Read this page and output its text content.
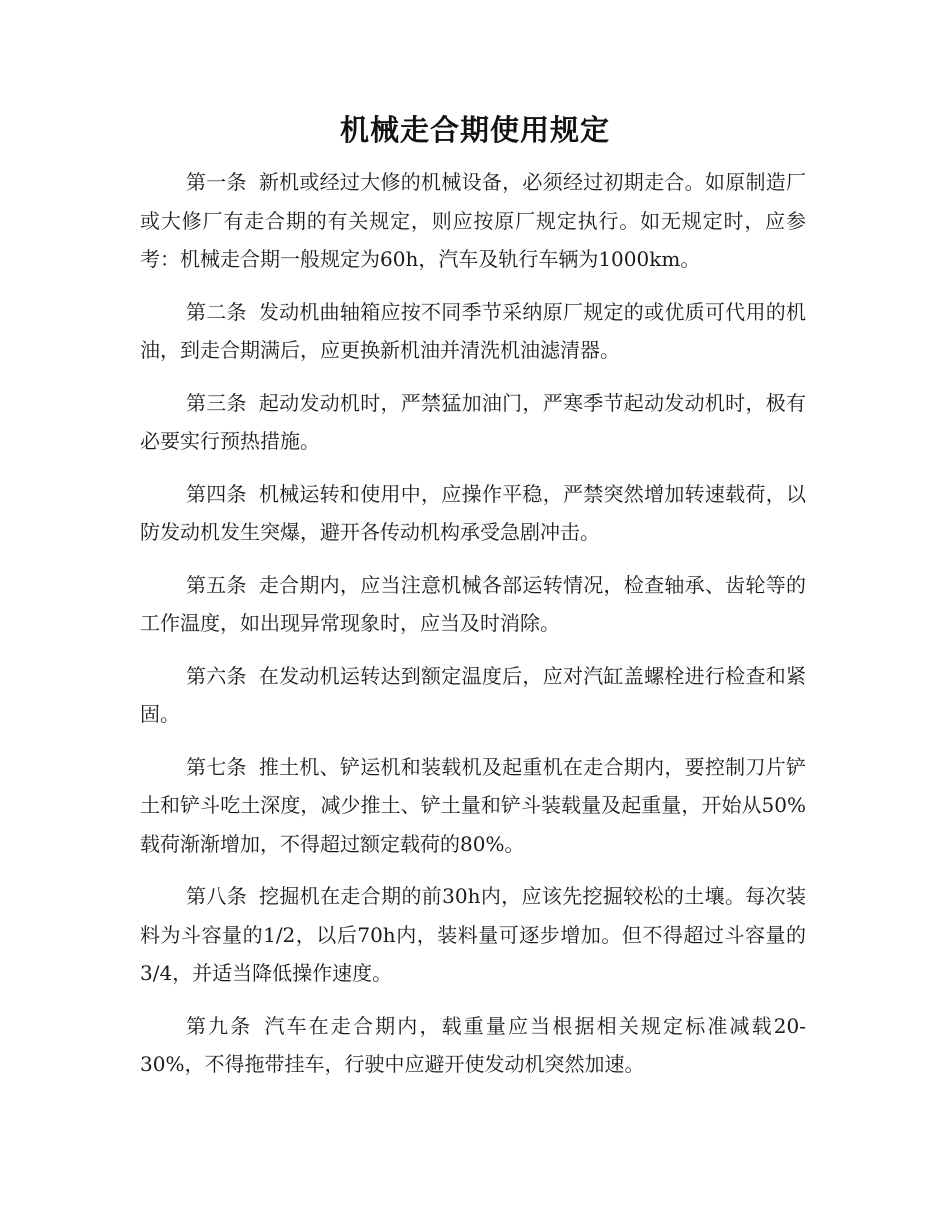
机械走合期使用规定

第一条 新机或经过大修的机械设备，必须经过初期走合。如原制造厂或大修厂有走合期的有关规定，则应按原厂规定执行。如无规定时，应参考：机械走合期一般规定为60h，汽车及轨行车辆为1000km。

第二条 发动机曲轴箱应按不同季节采纳原厂规定的或优质可代用的机油，到走合期满后，应更换新机油并清洗机油滤清器。

第三条 起动发动机时，严禁猛加油门，严寒季节起动发动机时，极有必要实行预热措施。

第四条 机械运转和使用中，应操作平稳，严禁突然增加转速载荷，以防发动机发生突爆，避开各传动机构承受急剧冲击。

第五条 走合期内，应当注意机械各部运转情况，检查轴承、齿轮等的工作温度，如出现异常现象时，应当及时消除。

第六条 在发动机运转达到额定温度后，应对汽缸盖螺栓进行检查和紧固。

第七条 推土机、铲运机和装载机及起重机在走合期内，要控制刀片铲土和铲斗吃土深度，减少推土、铲土量和铲斗装载量及起重量，开始从50%载荷渐渐增加，不得超过额定载荷的80%。

第八条 挖掘机在走合期的前30h内，应该先挖掘较松的土壤。每次装料为斗容量的1/2，以后70h内，装料量可逐步增加。但不得超过斗容量的3/4，并适当降低操作速度。

第九条 汽车在走合期内，载重量应当根据相关规定标准减载20-30%，不得拖带挂车，行驶中应避开使发动机突然加速。
